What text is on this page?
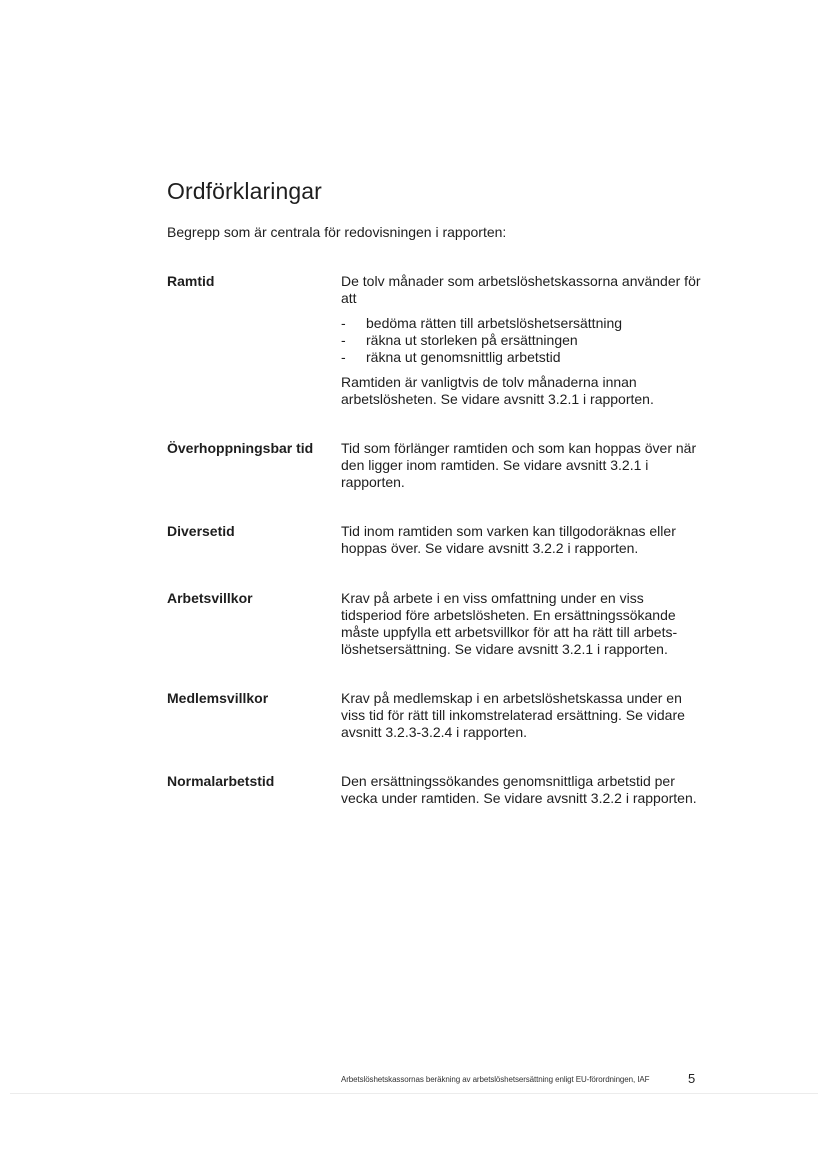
Ordförklaringar

Begrepp som är centrala för redovisningen i rapporten:

Ramtid	De tolv månader som arbetslöshetskassorna använder för att

- bedöma rätten till arbetslöshetsersättning
- räkna ut storleken på ersättningen
- räkna ut genomsnittlig arbetstid

Ramtiden är vanligtvis de tolv månaderna innan arbetslösheten. Se vidare avsnitt 3.2.1 i rapporten.

Överhoppningsbar tid	Tid som förlänger ramtiden och som kan hoppas över när den ligger inom ramtiden. Se vidare avsnitt 3.2.1 i rapporten.

Diversetid	Tid inom ramtiden som varken kan tillgodoräknas eller hoppas över. Se vidare avsnitt 3.2.2 i rapporten.

Arbetsvillkor	Krav på arbete i en viss omfattning under en viss tidsperiod före arbetslösheten. En ersättningssökande måste uppfylla ett arbetsvillkor för att ha rätt till arbets-löshetsersättning. Se vidare avsnitt 3.2.1 i rapporten.

Medlemsvillkor	Krav på medlemskap i en arbetslöshetskassa under en viss tid för rätt till inkomstrelaterad ersättning. Se vidare avsnitt 3.2.3-3.2.4 i rapporten.

Normalarbetstid	Den ersättningssökandes genomsnittliga arbetstid per vecka under ramtiden. Se vidare avsnitt 3.2.2 i rapporten.

Arbetslöshetskassornas beräkning av arbetslöshetsersättning enligt EU-förordningen, IAF	5
